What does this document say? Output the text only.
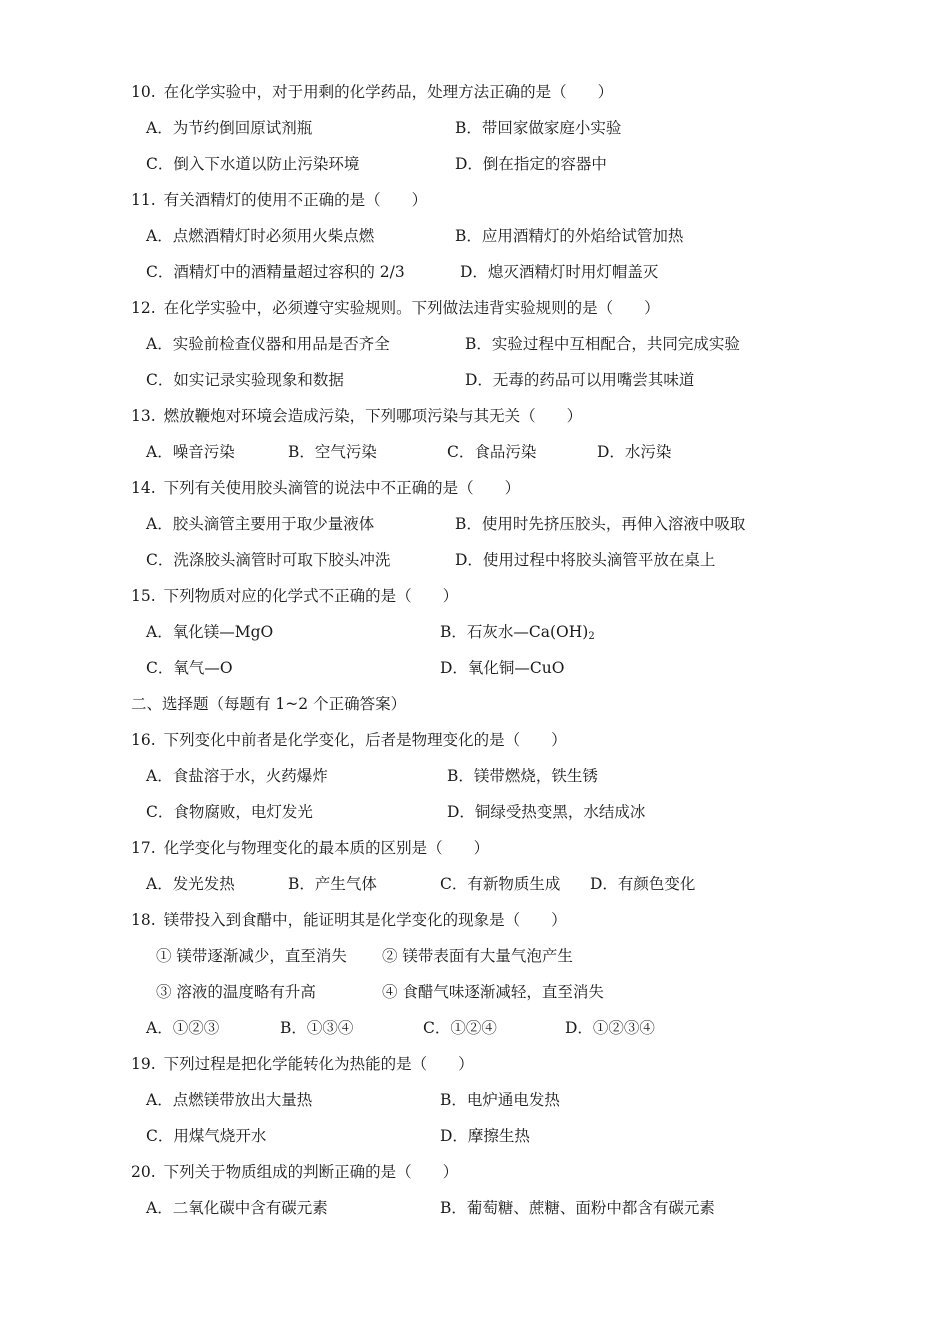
10. 在化学实验中，对于用剩的化学药品，处理方法正确的是（　　）
A．为节约倒回原试剂瓶	B．带回家做家庭小实验
C．倒入下水道以防止污染环境	D．倒在指定的容器中
11. 有关酒精灯的使用不正确的是（　　）
A．点燃酒精灯时必须用火柴点燃	B．应用酒精灯的外焰给试管加热
C．酒精灯中的酒精量超过容积的 2/3	D．熄灭酒精灯时用灯帽盖灭
12. 在化学实验中，必须遵守实验规则。下列做法违背实验规则的是（　　）
A．实验前检查仪器和用品是否齐全	B．实验过程中互相配合，共同完成实验
C．如实记录实验现象和数据	D．无毒的药品可以用嘴尝其味道
13. 燃放鞭炮对环境会造成污染，下列哪项污染与其无关（　　）
A．噪音污染	B．空气污染	C．食品污染	D．水污染
14. 下列有关使用胶头滴管的说法中不正确的是（　　）
A．胶头滴管主要用于取少量液体	B．使用时先挤压胶头，再伸入溶液中吸取
C．洗涤胶头滴管时可取下胶头冲洗	D．使用过程中将胶头滴管平放在桌上
15. 下列物质对应的化学式不正确的是（　　）
A．氧化镁—MgO	B．石灰水$—Ca(OH)_2$
C．氧气—O	D．氧化铜—CuO
二、选择题（每题有 1~2 个正确答案）
16. 下列变化中前者是化学变化，后者是物理变化的是（　　）
A．食盐溶于水，火药爆炸	B．镁带燃烧，铁生锈
C．食物腐败，电灯发光	D．铜绿受热变黑，水结成冰
17. 化学变化与物理变化的最本质的区别是（　　）
A．发光发热	B．产生气体	C．有新物质生成 D．有颜色变化
18. 镁带投入到食醋中，能证明其是化学变化的现象是（　　）
① 镁带逐渐减少，直至消失 ② 镁带表面有大量气泡产生
③ 溶液的温度略有升高	④ 食醋气味逐渐减轻，直至消失
A．①②③	B．①③④	C．①②④	D．①②③④
19. 下列过程是把化学能转化为热能的是（　　）
A．点燃镁带放出大量热	B．电炉通电发热
C．用煤气烧开水	D．摩擦生热
20. 下列关于物质组成的判断正确的是（　　）
A．二氧化碳中含有碳元素	B．葡萄糖、蔗糖、面粉中都含有碳元素
